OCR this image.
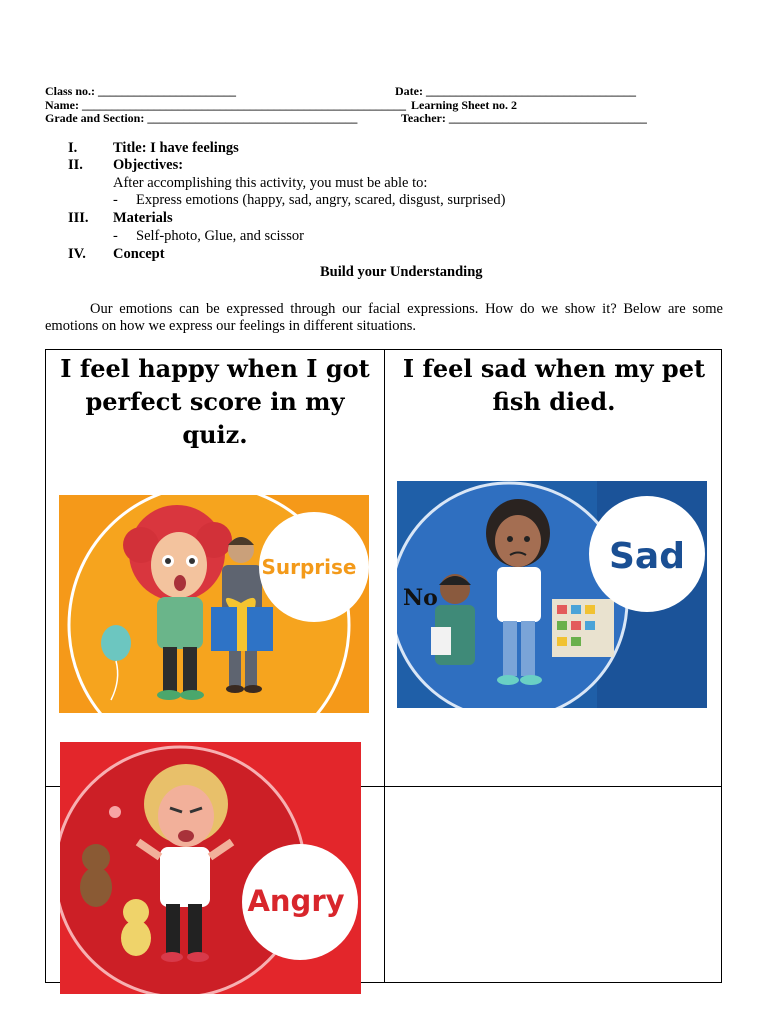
Class no.: _______________________	Date: ___________________________________
Name: ______________________________________________________ Learning Sheet no. 2
Grade and Section: ___________________________________	Teacher: _________________________________
I. Title: I have feelings
II. Objectives:
After accomplishing this activity, you must be able to:
- Express emotions (happy, sad, angry, scared, disgust, surprised)
III. Materials
- Self-photo, Glue, and scissor
IV. Concept
Build your Understanding
Our emotions can be expressed through our facial expressions. How do we show it? Below are some emotions on how we express our feelings in different situations.
I feel happy when I got perfect score in my quiz.
I feel sad when my pet fish died.
Surprise
No
Sad
Angry
